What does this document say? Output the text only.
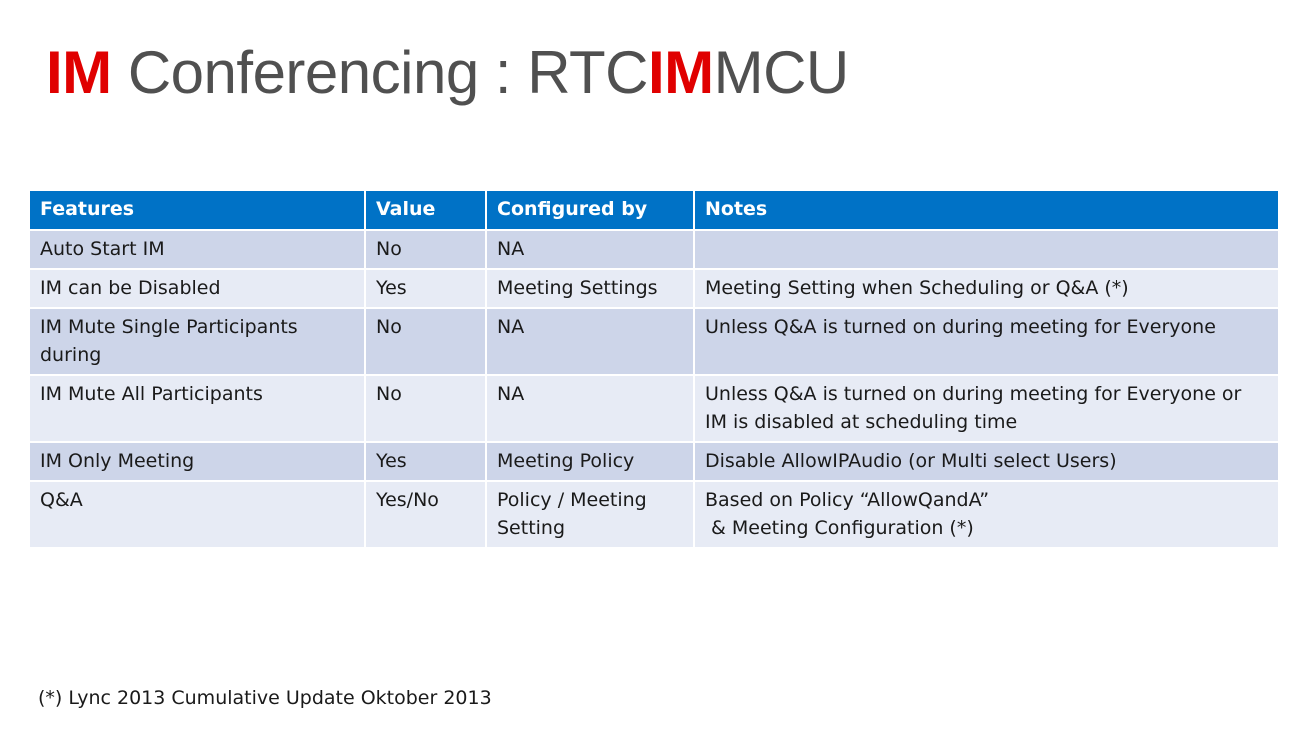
IM Conferencing : RTCIMMCU
Features	Value	Configured by	Notes
Auto Start IM	No	NA	
IM can be Disabled	Yes	Meeting Settings	Meeting Setting when Scheduling or Q&A (*)
IM Mute Single Participants during	No	NA	Unless Q&A is turned on during meeting for Everyone
IM Mute All Participants	No	NA	Unless Q&A is turned on during meeting for Everyone or IM is disabled at scheduling time
IM Only Meeting	Yes	Meeting Policy	Disable AllowIPAudio (or Multi select Users)
Q&A	Yes/No	Policy / Meeting Setting	Based on Policy “AllowQandA”
& Meeting Configuration (*)

(*) Lync 2013 Cumulative Update Oktober 2013
